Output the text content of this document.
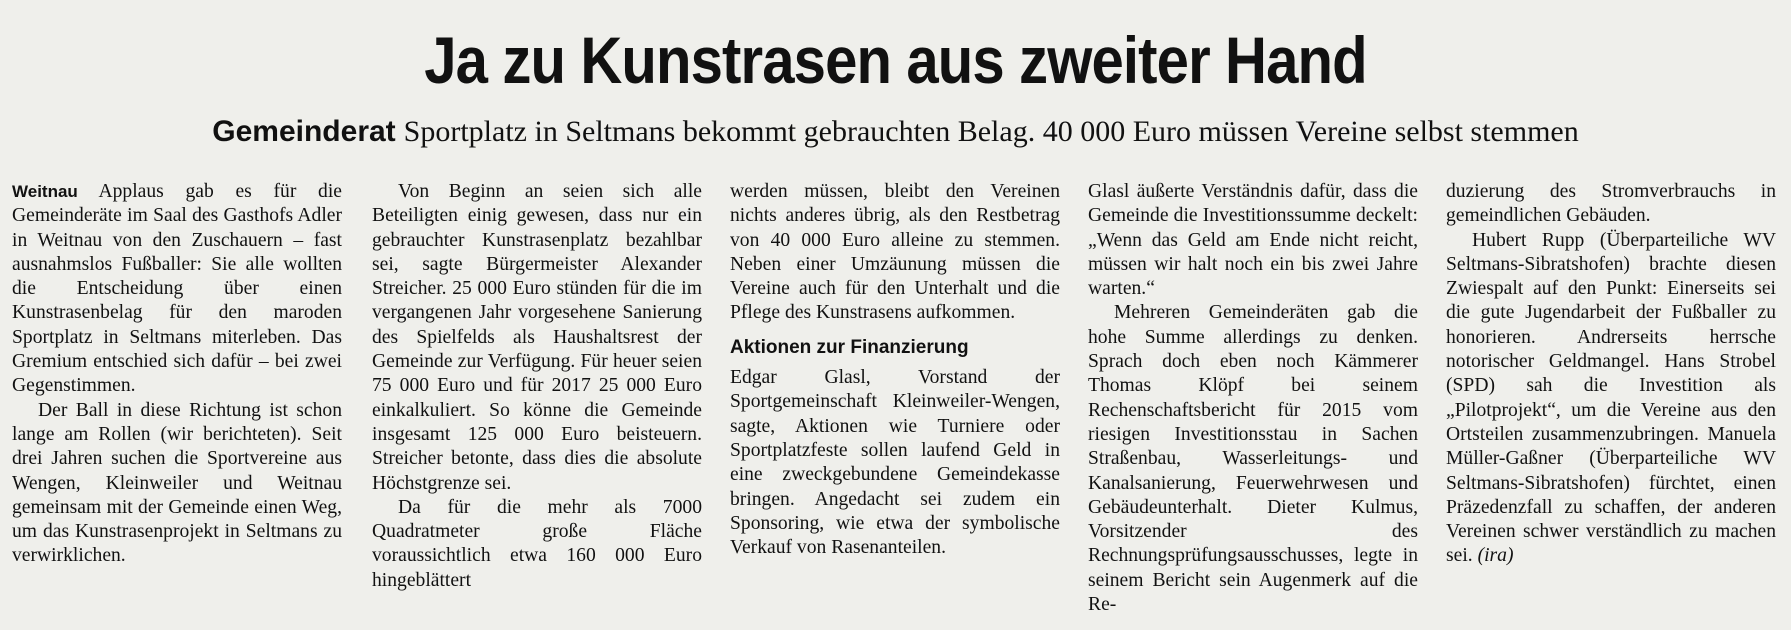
Ja zu Kunstrasen aus zweiter Hand
Gemeinderat Sportplatz in Seltmans bekommt gebrauchten Belag. 40 000 Euro müssen Vereine selbst stemmen

Weitnau Applaus gab es für die Gemeinderäte im Saal des Gasthofs Adler in Weitnau von den Zuschauern – fast ausnahmslos Fußballer: Sie alle wollten die Entscheidung über einen Kunstrasenbelag für den maroden Sportplatz in Seltmans miterleben. Das Gremium entschied sich dafür – bei zwei Gegenstimmen.

Der Ball in diese Richtung ist schon lange am Rollen (wir berichteten). Seit drei Jahren suchen die Sportvereine aus Wengen, Kleinweiler und Weitnau gemeinsam mit der Gemeinde einen Weg, um das Kunstrasenprojekt in Seltmans zu verwirklichen.

Von Beginn an seien sich alle Beteiligten einig gewesen, dass nur ein gebrauchter Kunstrasenplatz bezahlbar sei, sagte Bürgermeister Alexander Streicher. 25 000 Euro stünden für die im vergangenen Jahr vorgesehene Sanierung des Spielfelds als Haushaltsrest der Gemeinde zur Verfügung. Für heuer seien 75 000 Euro und für 2017 25 000 Euro einkalkuliert. So könne die Gemeinde insgesamt 125 000 Euro beisteuern. Streicher betonte, dass dies die absolute Höchstgrenze sei.

Da für die mehr als 7000 Quadratmeter große Fläche voraussichtlich etwa 160 000 Euro hingeblättert

werden müssen, bleibt den Vereinen nichts anderes übrig, als den Restbetrag von 40 000 Euro alleine zu stemmen. Neben einer Umzäunung müssen die Vereine auch für den Unterhalt und die Pflege des Kunstrasens aufkommen.

Aktionen zur Finanzierung

Edgar Glasl, Vorstand der Sportgemeinschaft Kleinweiler-Wengen, sagte, Aktionen wie Turniere oder Sportplatzfeste sollen laufend Geld in eine zweckgebundene Gemeindekasse bringen. Angedacht sei zudem ein Sponsoring, wie etwa der symbolische Verkauf von Rasenanteilen.

Glasl äußerte Verständnis dafür, dass die Gemeinde die Investitionssumme deckelt: „Wenn das Geld am Ende nicht reicht, müssen wir halt noch ein bis zwei Jahre warten.“

Mehreren Gemeinderäten gab die hohe Summe allerdings zu denken. Sprach doch eben noch Kämmerer Thomas Klöpf bei seinem Rechenschaftsbericht für 2015 vom riesigen Investitionsstau in Sachen Straßenbau, Wasserleitungs- und Kanalsanierung, Feuerwehrwesen und Gebäudeunterhalt. Dieter Kulmus, Vorsitzender des Rechnungsprüfungsausschusses, legte in seinem Bericht sein Augenmerk auf die Re-

duzierung des Stromverbrauchs in gemeindlichen Gebäuden.

Hubert Rupp (Überparteiliche WV Seltmans-Sibratshofen) brachte diesen Zwiespalt auf den Punkt: Einerseits sei die gute Jugendarbeit der Fußballer zu honorieren. Andrerseits herrsche notorischer Geldmangel. Hans Strobel (SPD) sah die Investition als „Pilotprojekt“, um die Vereine aus den Ortsteilen zusammenzubringen. Manuela Müller-Gaßner (Überparteiliche WV Seltmans-Sibratshofen) fürchtet, einen Präzedenzfall zu schaffen, der anderen Vereinen schwer verständlich zu machen sei. (ira)
